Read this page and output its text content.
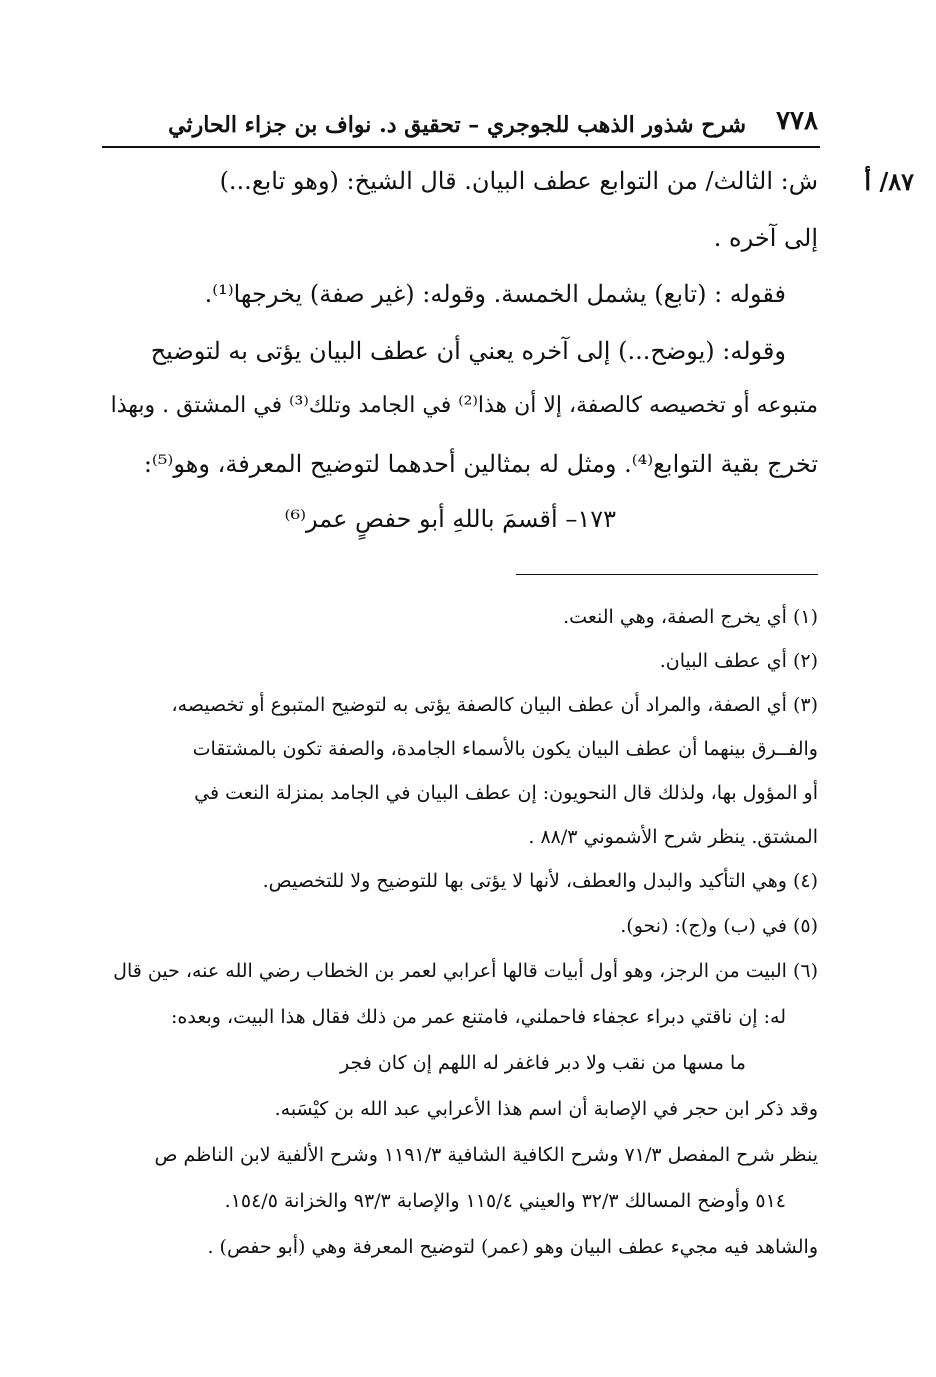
شرح شذور الذهب للجوجري – تحقيق د. نواف بن جزاء الحارثي ٧٧٨
٨٧/ أ
ش: الثالث/ من التوابع عطف البيان. قال الشيخ: (وهو تابع...)
إلى آخره .
فقوله : (تابع) يشمل الخمسة. وقوله: (غير صفة) يخرجها⁽¹⁾.
وقوله: (يوضح...) إلى آخره يعني أن عطف البيان يؤتى به لتوضيح
متبوعه أو تخصيصه كالصفة، إلا أن هذا⁽²⁾ في الجامد وتلك⁽³⁾ في المشتق . وبهذا
تخرج بقية التوابع⁽⁴⁾. ومثل له بمثالين أحدهما لتوضيح المعرفة، وهو⁽⁵⁾:
١٧٣– أقسمَ باللهِ أبو حفصٍ عمر⁽⁶⁾
(١) أي يخرج الصفة، وهي النعت.
(٢) أي عطف البيان.
(٣) أي الصفة، والمراد أن عطف البيان كالصفة يؤتى به لتوضيح المتبوع أو تخصيصه،
والفــرق بينهما أن عطف البيان يكون بالأسماء الجامدة، والصفة تكون بالمشتقات
أو المؤول بها، ولذلك قال النحويون: إن عطف البيان في الجامد بمنزلة النعت في
المشتق. ينظر شرح الأشموني ٨٨/٣ .
(٤) وهي التأكيد والبدل والعطف، لأنها لا يؤتى بها للتوضيح ولا للتخصيص.
(٥) في (ب) و(ج): (نحو).
(٦) البيت من الرجز، وهو أول أبيات قالها أعرابي لعمر بن الخطاب رضي الله عنه، حين قال
له: إن ناقتي دبراء عجفاء فاحملني، فامتنع عمر من ذلك فقال هذا البيت، وبعده:
ما مسها من نقب ولا دبر فاغفر له اللهم إن كان فجر
وقد ذكر ابن حجر في الإصابة أن اسم هذا الأعرابي عبد الله بن كيْسَبه.
ينظر شرح المفصل ٧١/٣ وشرح الكافية الشافية ١١٩١/٣ وشرح الألفية لابن الناظم ص
٥١٤ وأوضح المسالك ٣٢/٣ والعيني ١١٥/٤ والإصابة ٩٣/٣ والخزانة ١٥٤/٥.
والشاهد فيه مجيء عطف البيان وهو (عمر) لتوضيح المعرفة وهي (أبو حفص) .
